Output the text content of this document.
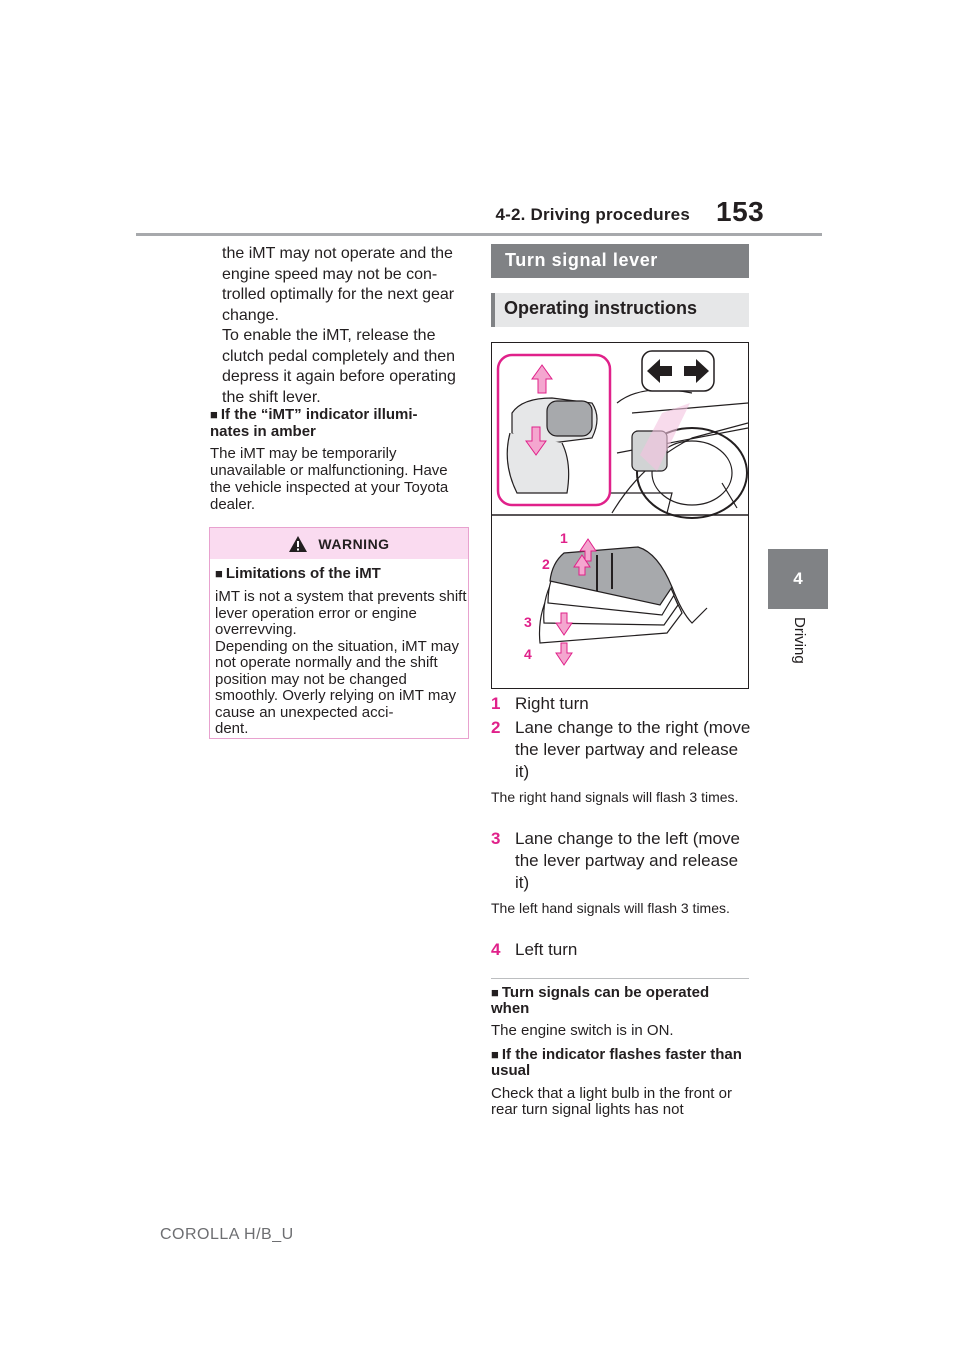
4-2. Driving procedures 153
4
Driving
the iMT may not operate and the
engine speed may not be con-
trolled optimally for the next gear
change.
To enable the iMT, release the
clutch pedal completely and then
depress it again before operating
the shift lever.
■ If the “iMT” indicator illumi-
nates in amber
The iMT may be temporarily unavailable or malfunctioning. Have the vehicle inspected at your Toyota dealer.
WARNING
■ Limitations of the iMT
iMT is not a system that prevents shift lever operation error or engine overrevving.
Depending on the situation, iMT may not operate normally and the shift position may not be changed smoothly. Overly relying on iMT may cause an unexpected acci-
dent.
Turn signal lever
Operating instructions
1
2
3
4
1 Right turn
2 Lane change to the right (move the lever partway and release it)
The right hand signals will flash 3 times.
3 Lane change to the left (move the lever partway and release it)
The left hand signals will flash 3 times.
4 Left turn
■ Turn signals can be operated when
The engine switch is in ON.
■ If the indicator flashes faster than usual
Check that a light bulb in the front or rear turn signal lights has not
COROLLA H/B_U
